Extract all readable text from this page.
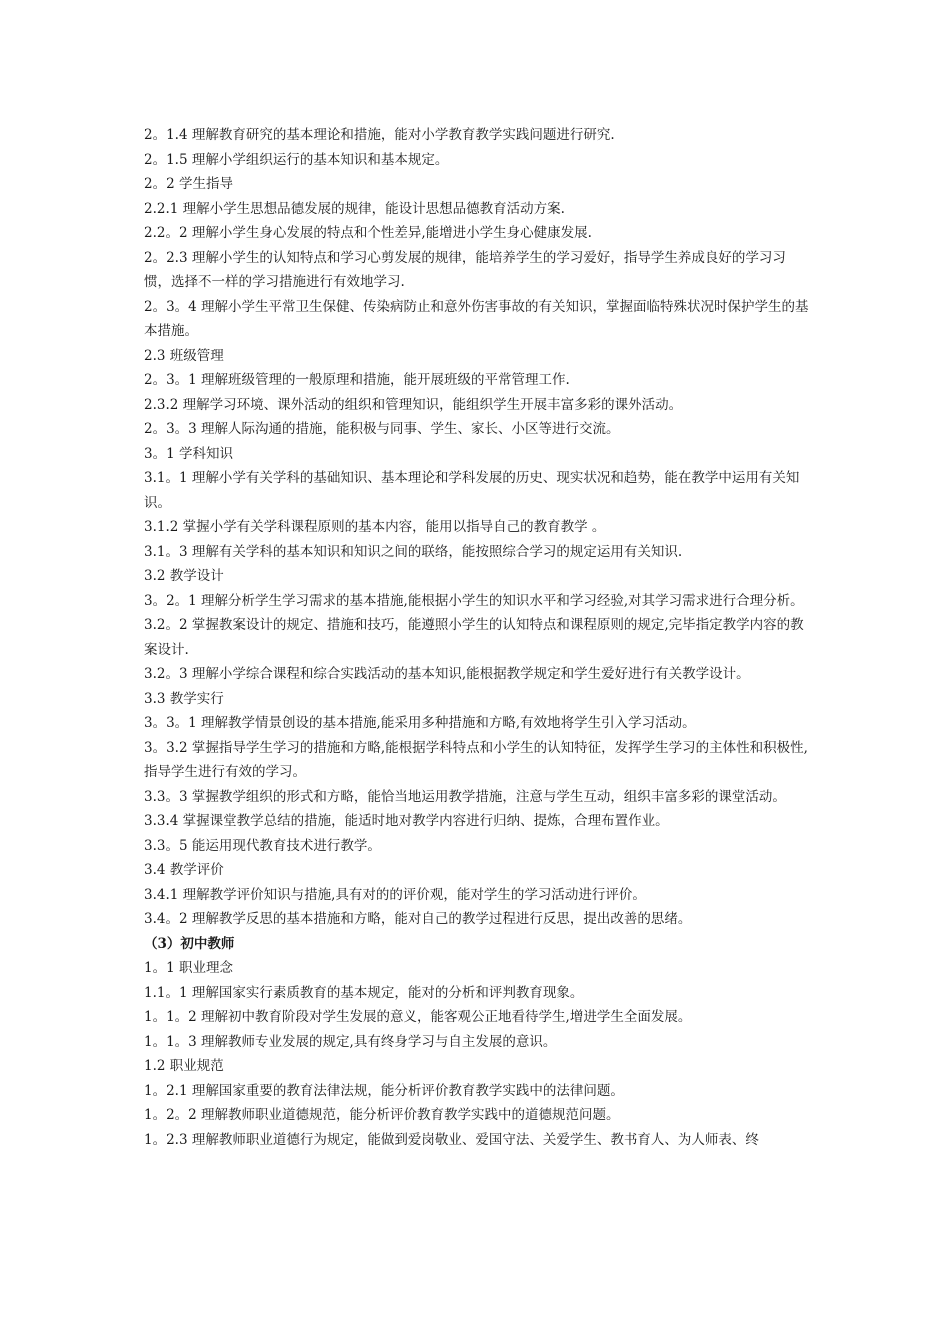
2。1.4 理解教育研究的基本理论和措施，能对小学教育教学实践问题进行研究.

2。1.5 理解小学组织运行的基本知识和基本规定。

2。2 学生指导

2.2.1 理解小学生思想品德发展的规律，能设计思想品德教育活动方案.

2.2。2 理解小学生身心发展的特点和个性差异,能增进小学生身心健康发展.

2。2.3 理解小学生的认知特点和学习心剪发展的规律，能培养学生的学习爱好，指导学生养成良好的学习习惯，选择不一样的学习措施进行有效地学习.

2。3。4 理解小学生平常卫生保健、传染病防止和意外伤害事故的有关知识，掌握面临特殊状况时保护学生的基本措施。

2.3 班级管理

2。3。1 理解班级管理的一般原理和措施，能开展班级的平常管理工作.

2.3.2 理解学习环境、课外活动的组织和管理知识，能组织学生开展丰富多彩的课外活动。

2。3。3 理解人际沟通的措施，能积极与同事、学生、家长、小区等进行交流。

3。1 学科知识

3.1。1 理解小学有关学科的基础知识、基本理论和学科发展的历史、现实状况和趋势，能在教学中运用有关知识。

3.1.2 掌握小学有关学科课程原则的基本内容，能用以指导自己的教育教学 。

3.1。3 理解有关学科的基本知识和知识之间的联络，能按照综合学习的规定运用有关知识.

3.2 教学设计

3。2。1 理解分析学生学习需求的基本措施,能根据小学生的知识水平和学习经验,对其学习需求进行合理分析。

3.2。2 掌握教案设计的规定、措施和技巧，能遵照小学生的认知特点和课程原则的规定,完毕指定教学内容的教案设计.

3.2。3 理解小学综合课程和综合实践活动的基本知识,能根据教学规定和学生爱好进行有关教学设计。

3.3 教学实行

3。3。1 理解教学情景创设的基本措施,能采用多种措施和方略,有效地将学生引入学习活动。

3。3.2 掌握指导学生学习的措施和方略,能根据学科特点和小学生的认知特征，发挥学生学习的主体性和积极性,指导学生进行有效的学习。

3.3。3 掌握教学组织的形式和方略，能恰当地运用教学措施，注意与学生互动，组织丰富多彩的课堂活动。

3.3.4 掌握课堂教学总结的措施，能适时地对教学内容进行归纳、提炼，合理布置作业。

3.3。5 能运用现代教育技术进行教学。

3.4 教学评价

3.4.1 理解教学评价知识与措施,具有对的的评价观，能对学生的学习活动进行评价。

3.4。2 理解教学反思的基本措施和方略，能对自己的教学过程进行反思，提出改善的思绪。

（3）初中教师

1。1 职业理念

1.1。1 理解国家实行素质教育的基本规定，能对的分析和评判教育现象。

1。1。2 理解初中教育阶段对学生发展的意义，能客观公正地看待学生,增进学生全面发展。

1。1。3 理解教师专业发展的规定,具有终身学习与自主发展的意识。

1.2 职业规范

1。2.1 理解国家重要的教育法律法规，能分析评价教育教学实践中的法律问题。

1。2。2 理解教师职业道德规范，能分析评价教育教学实践中的道德规范问题。

1。2.3 理解教师职业道德行为规定，能做到爱岗敬业、爱国守法、关爱学生、教书育人、为人师表、终
